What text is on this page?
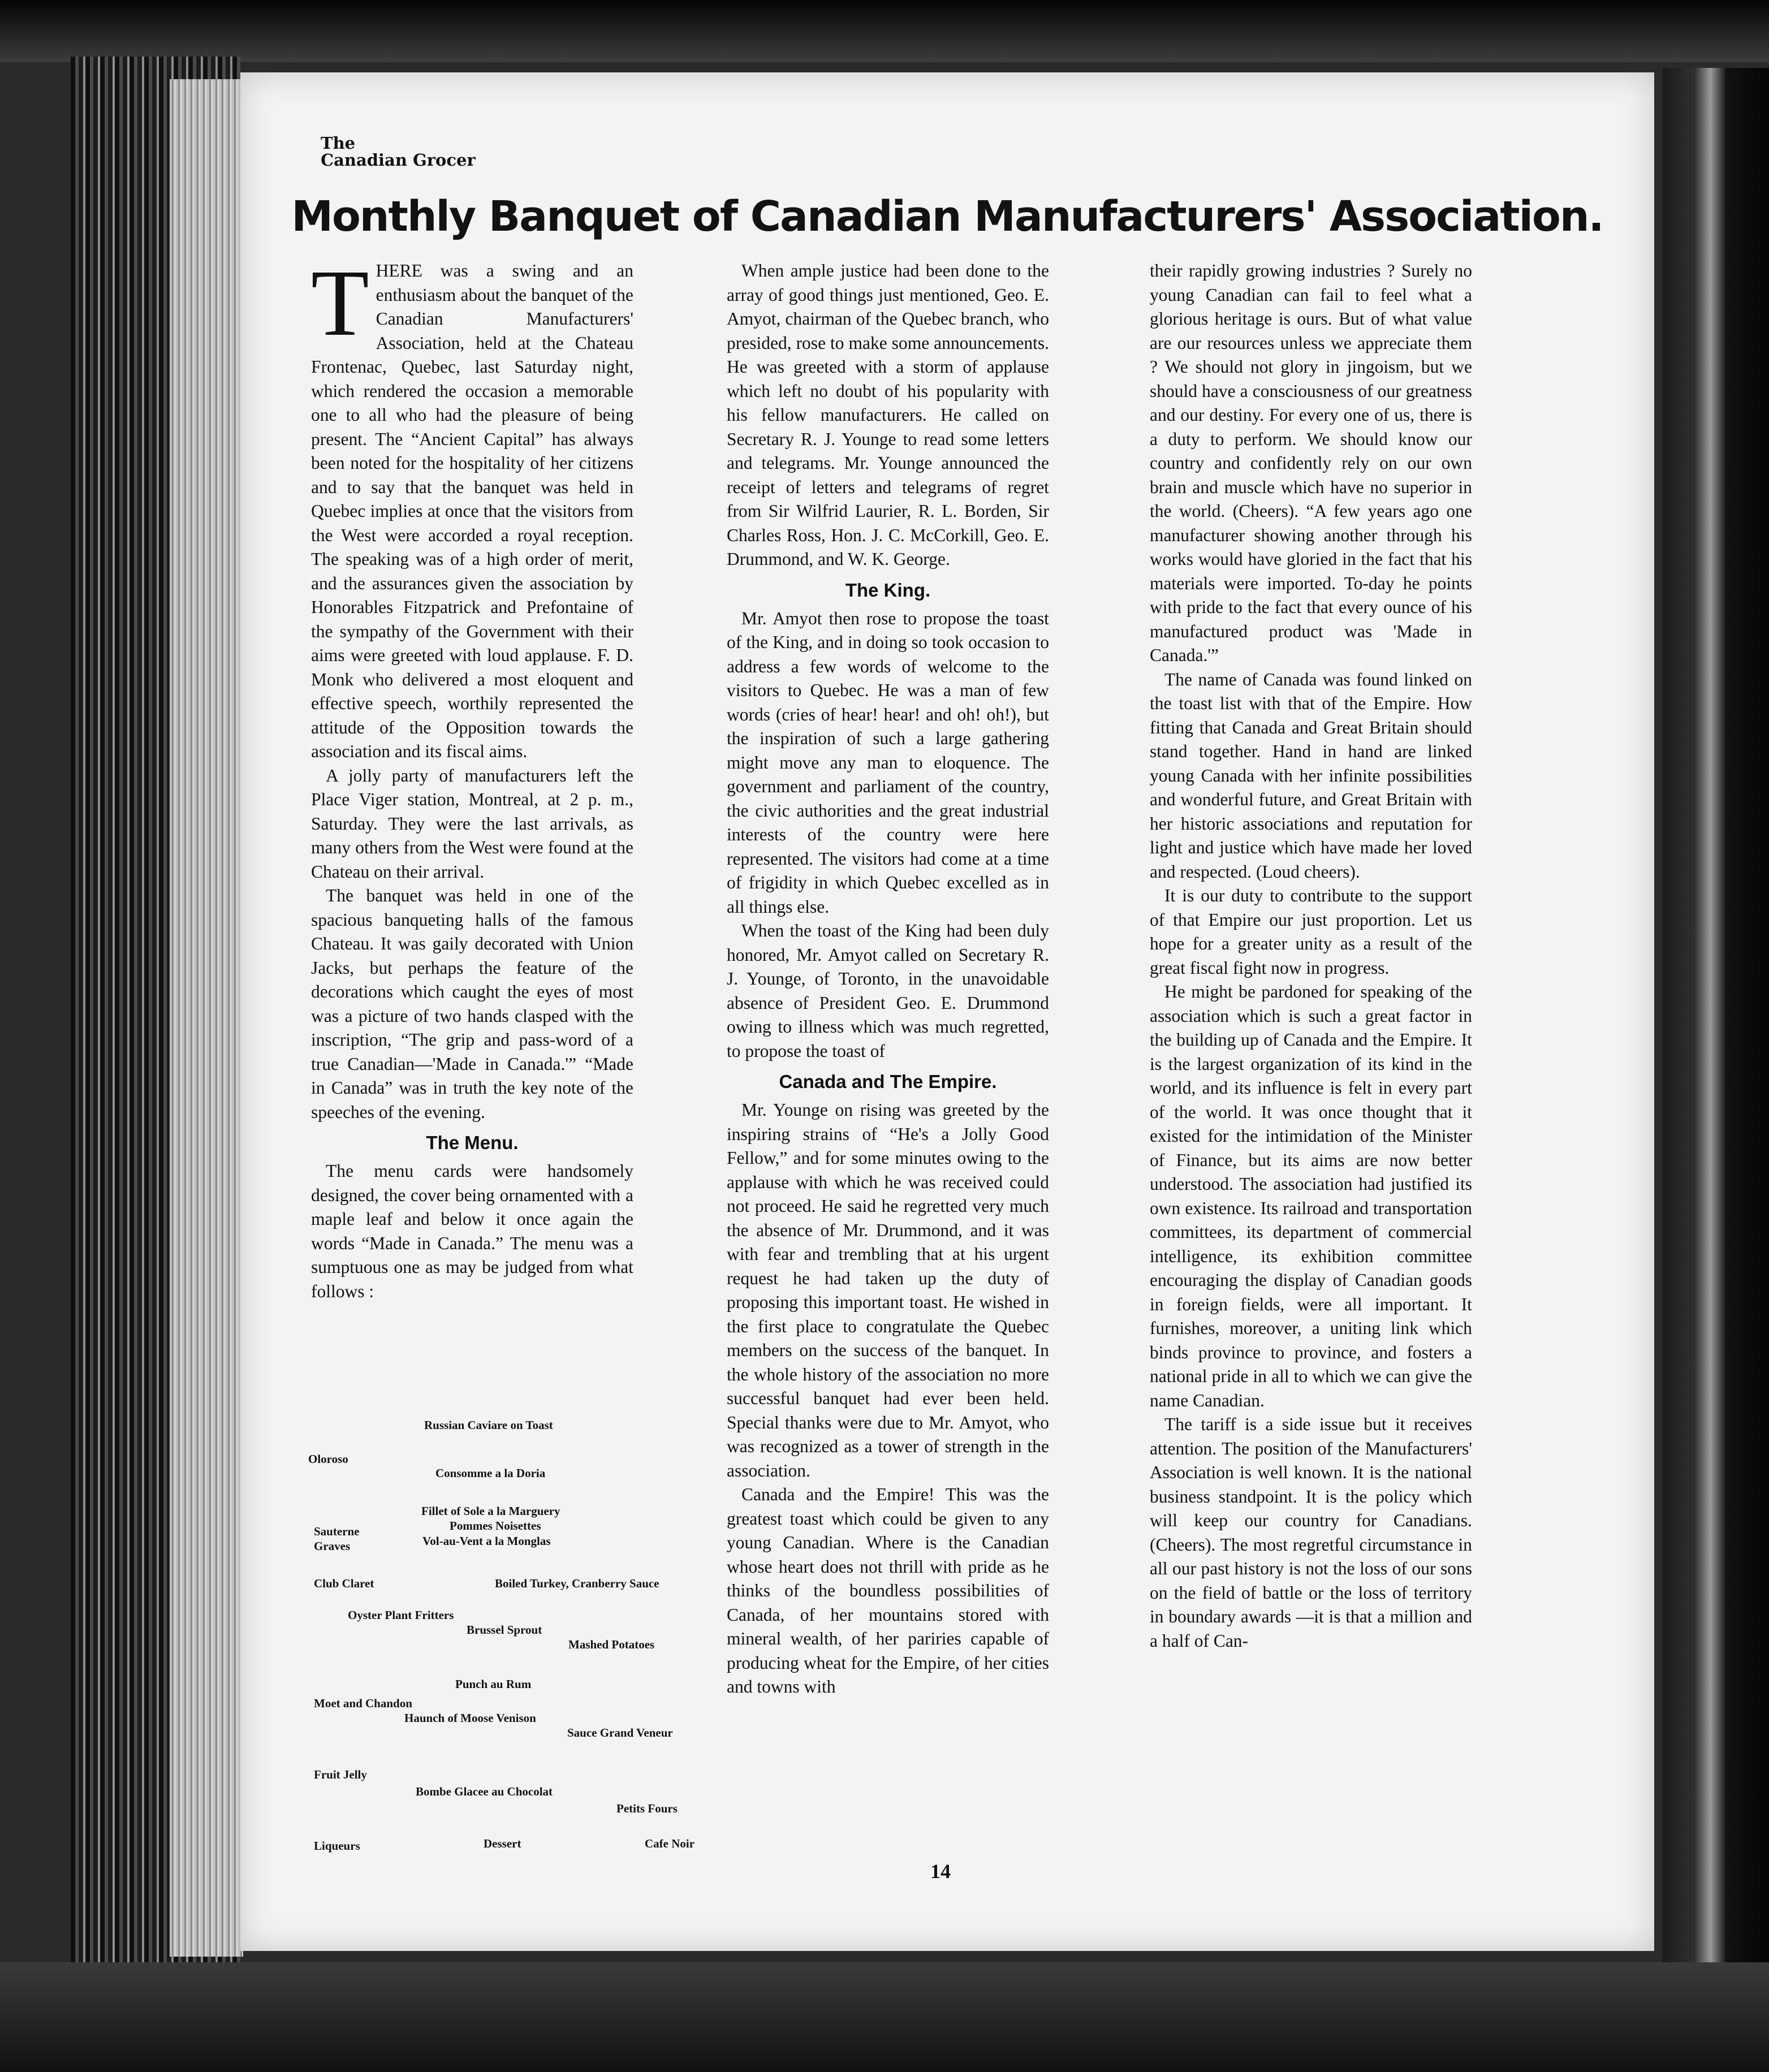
The
Canadian Grocer
Monthly Banquet of Canadian Manufacturers' Association.

THERE was a swing and an enthusiasm about the banquet of the Canadian Manufacturers' Association, held at the Chateau Frontenac, Quebec, last Saturday night, which rendered the occasion a memorable one to all who had the pleasure of being present. The “Ancient Capital” has always been noted for the hospitality of her citizens and to say that the banquet was held in Quebec implies at once that the visitors from the West were accorded a royal reception. The speaking was of a high order of merit, and the assurances given the association by Honorables Fitzpatrick and Prefontaine of the sympathy of the Government with their aims were greeted with loud applause. F. D. Monk who delivered a most eloquent and effective speech, worthily represented the attitude of the Opposition towards the association and its fiscal aims.

A jolly party of manufacturers left the Place Viger station, Montreal, at 2 p. m., Saturday. They were the last arrivals, as many others from the West were found at the Chateau on their arrival.

The banquet was held in one of the spacious banqueting halls of the famous Chateau. It was gaily decorated with Union Jacks, but perhaps the feature of the decorations which caught the eyes of most was a picture of two hands clasped with the inscription, “The grip and pass-word of a true Canadian—'Made in Canada.'” “Made in Canada” was in truth the key note of the speeches of the evening.

The Menu.

The menu cards were handsomely designed, the cover being ornamented with a maple leaf and below it once again the words “Made in Canada.” The menu was a sumptuous one as may be judged from what follows :

Russian Caviare on Toast
Oloroso
Consomme a la Doria
Fillet of Sole a la Marguery
Pommes Noisettes
Sauterne
Graves	Vol-au-Vent a la Monglas
Club Claret	Boiled Turkey, Cranberry Sauce
Oyster Plant Fritters
Brussel Sprout
Mashed Potatoes
Punch au Rum
Moet and Chandon
Haunch of Moose Venison
Sauce Grand Veneur
Fruit Jelly
Bombe Glacee au Chocolat
Petits Fours
Liqueurs	Dessert	Cafe Noir

When ample justice had been done to the array of good things just mentioned, Geo. E. Amyot, chairman of the Quebec branch, who presided, rose to make some announcements. He was greeted with a storm of applause which left no doubt of his popularity with his fellow manufacturers. He called on Secretary R. J. Younge to read some letters and telegrams. Mr. Younge announced the receipt of letters and telegrams of regret from Sir Wilfrid Laurier, R. L. Borden, Sir Charles Ross, Hon. J. C. McCorkill, Geo. E. Drummond, and W. K. George.

The King.

Mr. Amyot then rose to propose the toast of the King, and in doing so took occasion to address a few words of welcome to the visitors to Quebec. He was a man of few words (cries of hear! hear! and oh! oh!), but the inspiration of such a large gathering might move any man to eloquence. The government and parliament of the country, the civic authorities and the great industrial interests of the country were here represented. The visitors had come at a time of frigidity in which Quebec excelled as in all things else.

When the toast of the King had been duly honored, Mr. Amyot called on Secretary R. J. Younge, of Toronto, in the unavoidable absence of President Geo. E. Drummond owing to illness which was much regretted, to propose the toast of

Canada and The Empire.

Mr. Younge on rising was greeted by the inspiring strains of “He's a Jolly Good Fellow,” and for some minutes owing to the applause with which he was received could not proceed. He said he regretted very much the absence of Mr. Drummond, and it was with fear and trembling that at his urgent request he had taken up the duty of proposing this important toast. He wished in the first place to congratulate the Quebec members on the success of the banquet. In the whole history of the association no more successful banquet had ever been held. Special thanks were due to Mr. Amyot, who was recognized as a tower of strength in the association.

Canada and the Empire! This was the greatest toast which could be given to any young Canadian. Where is the Canadian whose heart does not thrill with pride as he thinks of the boundless possibilities of Canada, of her mountains stored with mineral wealth, of her pariries capable of producing wheat for the Empire, of her cities and towns with

their rapidly growing industries ? Surely no young Canadian can fail to feel what a glorious heritage is ours. But of what value are our resources unless we appreciate them ? We should not glory in jingoism, but we should have a consciousness of our greatness and our destiny. For every one of us, there is a duty to perform. We should know our country and confidently rely on our own brain and muscle which have no superior in the world. (Cheers). “A few years ago one manufacturer showing another through his works would have gloried in the fact that his materials were imported. To-day he points with pride to the fact that every ounce of his manufactured product was 'Made in Canada.'”

The name of Canada was found linked on the toast list with that of the Empire. How fitting that Canada and Great Britain should stand together. Hand in hand are linked young Canada with her infinite possibilities and wonderful future, and Great Britain with her historic associations and reputation for light and justice which have made her loved and respected. (Loud cheers).

It is our duty to contribute to the support of that Empire our just proportion. Let us hope for a greater unity as a result of the great fiscal fight now in progress.

He might be pardoned for speaking of the association which is such a great factor in the building up of Canada and the Empire. It is the largest organization of its kind in the world, and its influence is felt in every part of the world. It was once thought that it existed for the intimidation of the Minister of Finance, but its aims are now better understood. The association had justified its own existence. Its railroad and transportation committees, its department of commercial intelligence, its exhibition committee encouraging the display of Canadian goods in foreign fields, were all important. It furnishes, moreover, a uniting link which binds province to province, and fosters a national pride in all to which we can give the name Canadian.

The tariff is a side issue but it receives attention. The position of the Manufacturers' Association is well known. It is the national business standpoint. It is the policy which will keep our country for Canadians. (Cheers). The most regretful circumstance in all our past history is not the loss of our sons on the field of battle or the loss of territory in boundary awards —it is that a million and a half of Can-

14
